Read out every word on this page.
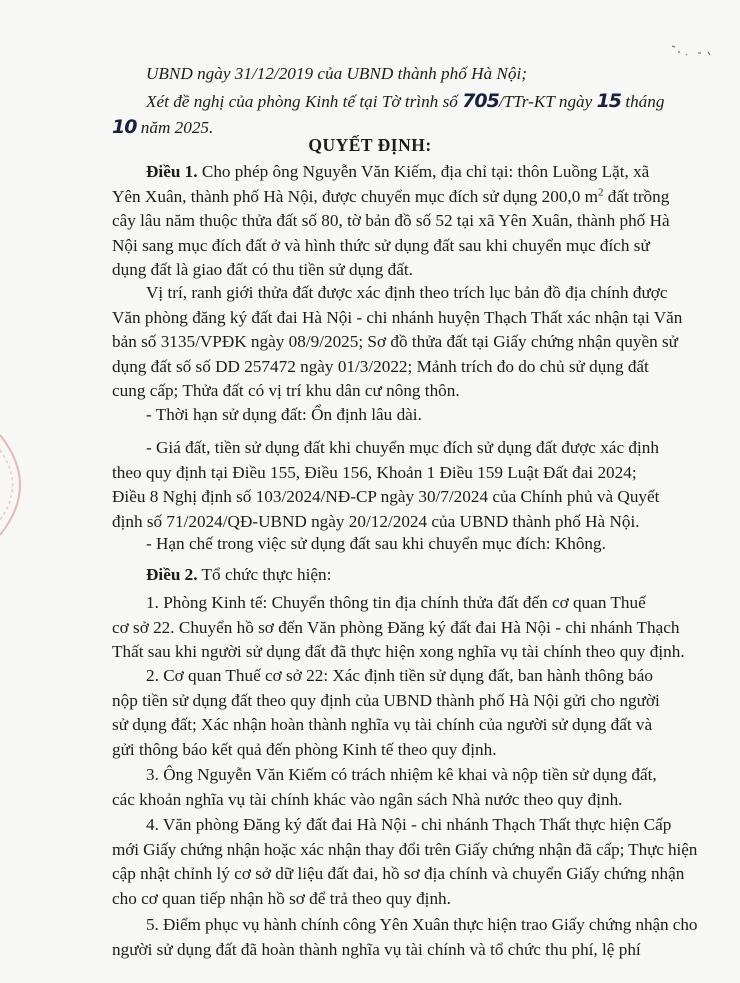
UBND ngày 31/12/2019 của UBND thành phố Hà Nội;

Xét đề nghị của phòng Kinh tế tại Tờ trình số 705/TTr-KT ngày 15 tháng
10 năm 2025.

QUYẾT ĐỊNH:

Điều 1. Cho phép ông Nguyễn Văn Kiếm, địa chỉ tại: thôn Luồng Lặt, xã
Yên Xuân, thành phố Hà Nội, được chuyển mục đích sử dụng 200,0 $m^2$ đất trồng
cây lâu năm thuộc thửa đất số 80, tờ bản đồ số 52 tại xã Yên Xuân, thành phố Hà
Nội sang mục đích đất ở và hình thức sử dụng đất sau khi chuyển mục đích sử
dụng đất là giao đất có thu tiền sử dụng đất.

Vị trí, ranh giới thửa đất được xác định theo trích lục bản đồ địa chính được
Văn phòng đăng ký đất đai Hà Nội - chi nhánh huyện Thạch Thất xác nhận tại Văn
bản số 3135/VPĐK ngày 08/9/2025; Sơ đồ thửa đất tại Giấy chứng nhận quyền sử
dụng đất số số DD 257472 ngày 01/3/2022; Mảnh trích đo do chủ sử dụng đất
cung cấp; Thửa đất có vị trí khu dân cư nông thôn.

- Thời hạn sử dụng đất: Ổn định lâu dài.

- Giá đất, tiền sử dụng đất khi chuyển mục đích sử dụng đất được xác định
theo quy định tại Điều 155, Điều 156, Khoản 1 Điều 159 Luật Đất đai 2024;
Điều 8 Nghị định số 103/2024/NĐ-CP ngày 30/7/2024 của Chính phủ và Quyết
định số 71/2024/QĐ-UBND ngày 20/12/2024 của UBND thành phố Hà Nội.

- Hạn chế trong việc sử dụng đất sau khi chuyển mục đích: Không.

Điều 2. Tổ chức thực hiện:

1. Phòng Kinh tế: Chuyển thông tin địa chính thửa đất đến cơ quan Thuế
cơ sở 22. Chuyển hồ sơ đến Văn phòng Đăng ký đất đai Hà Nội - chi nhánh Thạch
Thất sau khi người sử dụng đất đã thực hiện xong nghĩa vụ tài chính theo quy định.

2. Cơ quan Thuế cơ sở 22: Xác định tiền sử dụng đất, ban hành thông báo
nộp tiền sử dụng đất theo quy định của UBND thành phố Hà Nội gửi cho người
sử dụng đất; Xác nhận hoàn thành nghĩa vụ tài chính của người sử dụng đất và
gửi thông báo kết quả đến phòng Kinh tế theo quy định.

3. Ông Nguyễn Văn Kiếm có trách nhiệm kê khai và nộp tiền sử dụng đất,
các khoản nghĩa vụ tài chính khác vào ngân sách Nhà nước theo quy định.

4. Văn phòng Đăng ký đất đai Hà Nội - chi nhánh Thạch Thất thực hiện Cấp
mới Giấy chứng nhận hoặc xác nhận thay đổi trên Giấy chứng nhận đã cấp; Thực hiện
cập nhật chỉnh lý cơ sở dữ liệu đất đai, hồ sơ địa chính và chuyển Giấy chứng nhận
cho cơ quan tiếp nhận hồ sơ để trả theo quy định.

5. Điểm phục vụ hành chính công Yên Xuân thực hiện trao Giấy chứng nhận cho
người sử dụng đất đã hoàn thành nghĩa vụ tài chính và tổ chức thu phí, lệ phí
